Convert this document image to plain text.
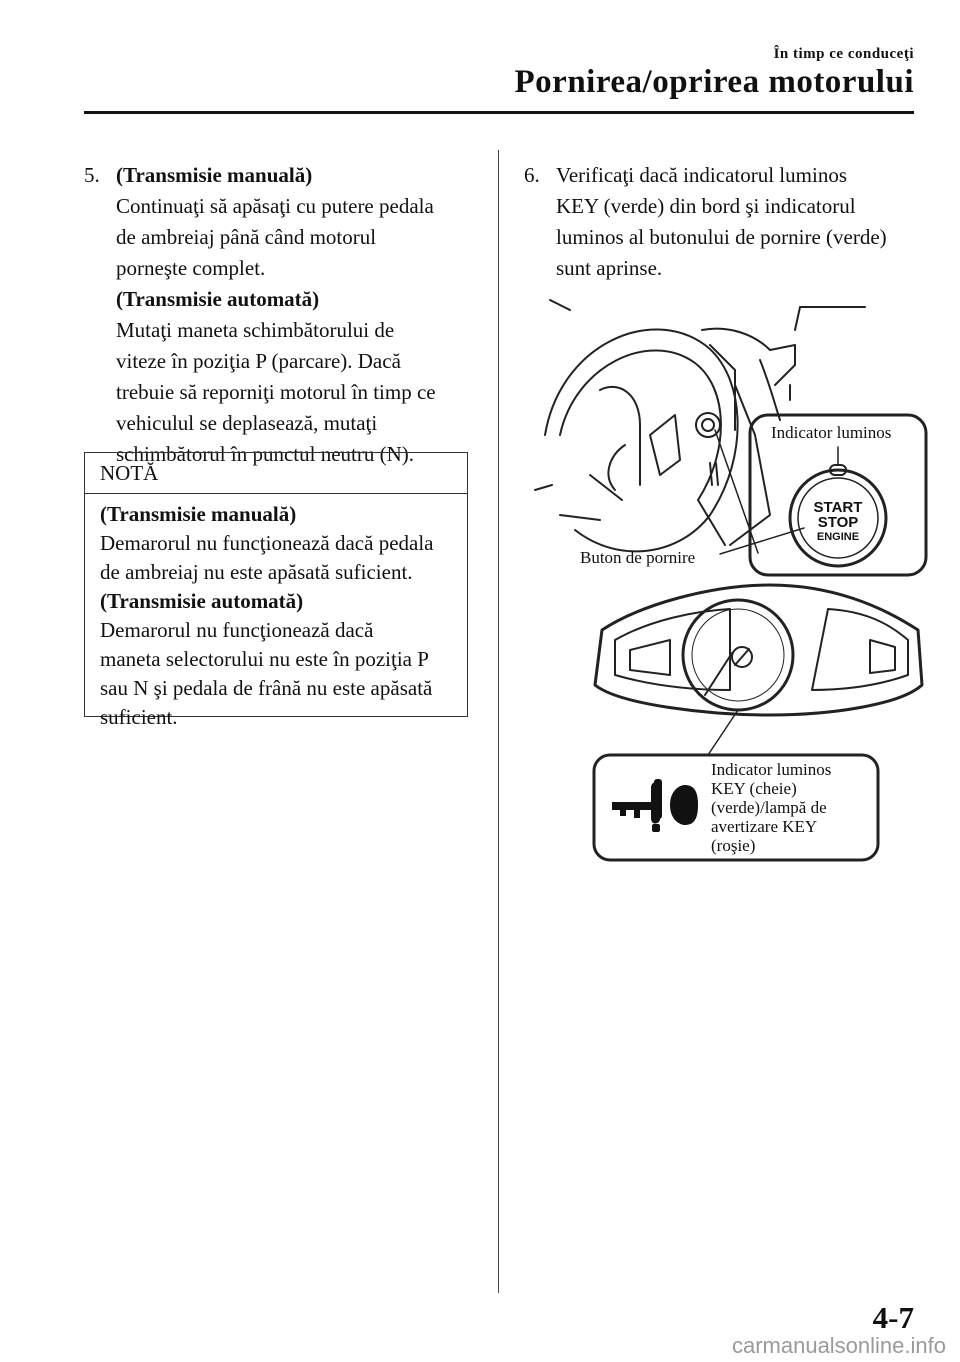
În timp ce conduceţi
Pornirea/oprirea motorului
5. (Transmisie manuală)
Continuaţi să apăsaţi cu putere pedala
de ambreiaj până când motorul
porneşte complet.
(Transmisie automată)
Mutaţi maneta schimbătorului de
viteze în poziţia P (parcare). Dacă
trebuie să reporniţi motorul în timp ce
vehiculul se deplasează, mutaţi
schimbătorul în punctul neutru (N).
NOTĂ
(Transmisie manuală)
Demarorul nu funcţionează dacă pedala
de ambreiaj nu este apăsată suficient.
(Transmisie automată)
Demarorul nu funcţionează dacă
maneta selectorului nu este în poziţia P
sau N şi pedala de frână nu este apăsată
suficient.
6. Verificaţi dacă indicatorul luminos
KEY (verde) din bord şi indicatorul
luminos al butonului de pornire (verde)
sunt aprinse.
START
STOP
ENGINE
Indicator luminos
Buton de pornire
Indicator luminos
KEY (cheie)
(verde)/lampă de
avertizare KEY
(roşie)
4-7
carmanualsonline.info
